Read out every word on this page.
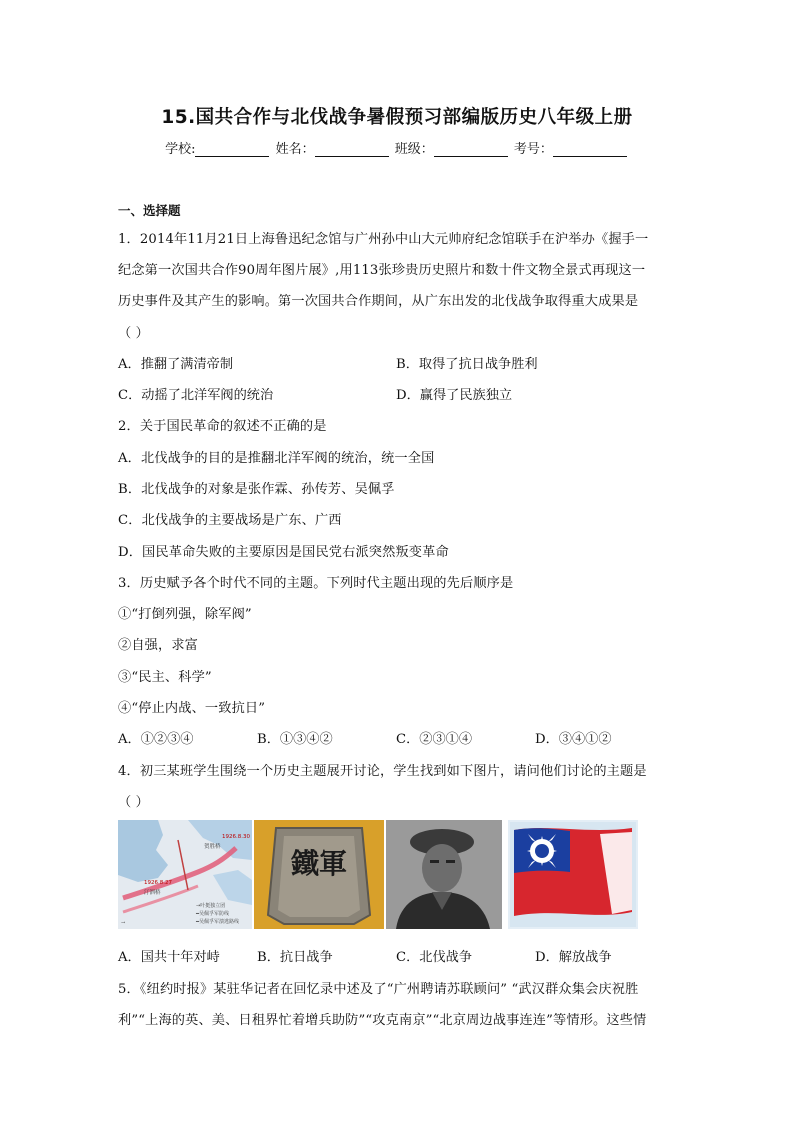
15.国共合作与北伐战争暑假预习部编版历史八年级上册
学校:	姓名：	班级：	考号：
一、选择题
1．2014年11月21日上海鲁迅纪念馆与广州孙中山大元帅府纪念馆联手在沪举办《握手一
纪念第一次国共合作90周年图片展》,用113张珍贵历史照片和数十件文物全景式再现这一
历史事件及其产生的影响。第一次国共合作期间，从广东出发的北伐战争取得重大成果是
（ ）
A．推翻了满清帝制	B．取得了抗日战争胜利
C．动摇了北洋军阀的统治	D．赢得了民族独立
2．关于国民革命的叙述不正确的是
A．北伐战争的目的是推翻北洋军阀的统治，统一全国
B．北伐战争的对象是张作霖、孙传芳、吴佩孚
C．北伐战争的主要战场是广东、广西
D．国民革命失败的主要原因是国民党右派突然叛变革命
3．历史赋予各个时代不同的主题。下列时代主题出现的先后顺序是
①“打倒列强，除军阀”
②自强，求富
③“民主、科学”
④“停止内战、一致抗日”
A．①②③④	B．①③④②	C．②③①④	D．③④①②
4．初三某班学生围绕一个历史主题展开讨论，学生找到如下图片，请问他们讨论的主题是
（ ）
→
贺胜桥
1926.8.30
1926.8.27
汀泗桥
→叶挺独立团
━吴佩孚军防线
━吴佩孚军溃逃路线
鐵軍
A．国共十年对峙	B．抗日战争	C．北伐战争	D．解放战争
5．《纽约时报》某驻华记者在回忆录中述及了“广州聘请苏联顾问” “武汉群众集会庆祝胜
利”“上海的英、美、日租界忙着增兵助防”“攻克南京”“北京周边战事连连”等情形。这些情
